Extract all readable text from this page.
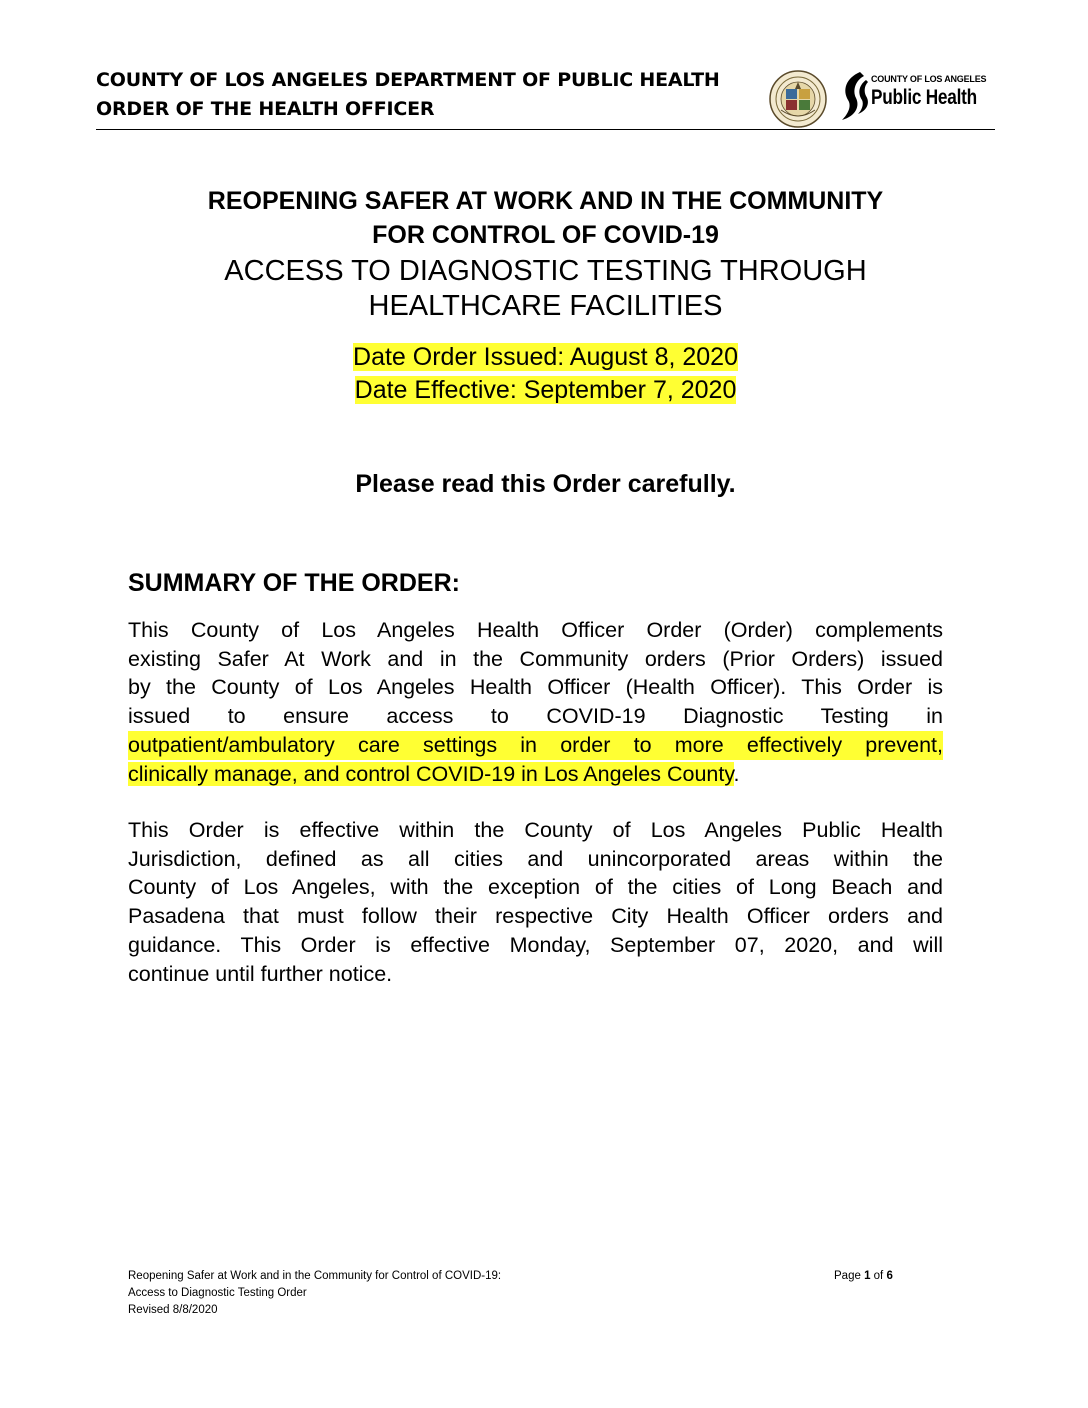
COUNTY OF LOS ANGELES DEPARTMENT OF PUBLIC HEALTH
ORDER OF THE HEALTH OFFICER
COUNTY OF LOS ANGELES
Public Health
REOPENING SAFER AT WORK AND IN THE COMMUNITY
FOR CONTROL OF COVID-19
ACCESS TO DIAGNOSTIC TESTING THROUGH
HEALTHCARE FACILITIES
Date Order Issued: August 8, 2020
Date Effective: September 7, 2020
Please read this Order carefully.
SUMMARY OF THE ORDER:
This County of Los Angeles Health Officer Order (Order) complements
existing Safer At Work and in the Community orders (Prior Orders) issued
by the County of Los Angeles Health Officer (Health Officer). This Order is
issued to ensure access to COVID-19 Diagnostic Testing in
outpatient/ambulatory care settings in order to more effectively prevent,
clinically manage, and control COVID-19 in Los Angeles County.
This Order is effective within the County of Los Angeles Public Health
Jurisdiction, defined as all cities and unincorporated areas within the
County of Los Angeles, with the exception of the cities of Long Beach and
Pasadena that must follow their respective City Health Officer orders and
guidance. This Order is effective Monday, September 07, 2020, and will
continue until further notice.
Reopening Safer at Work and in the Community for Control of COVID-19:
Access to Diagnostic Testing Order
Revised 8/8/2020
Page 1 of 6
